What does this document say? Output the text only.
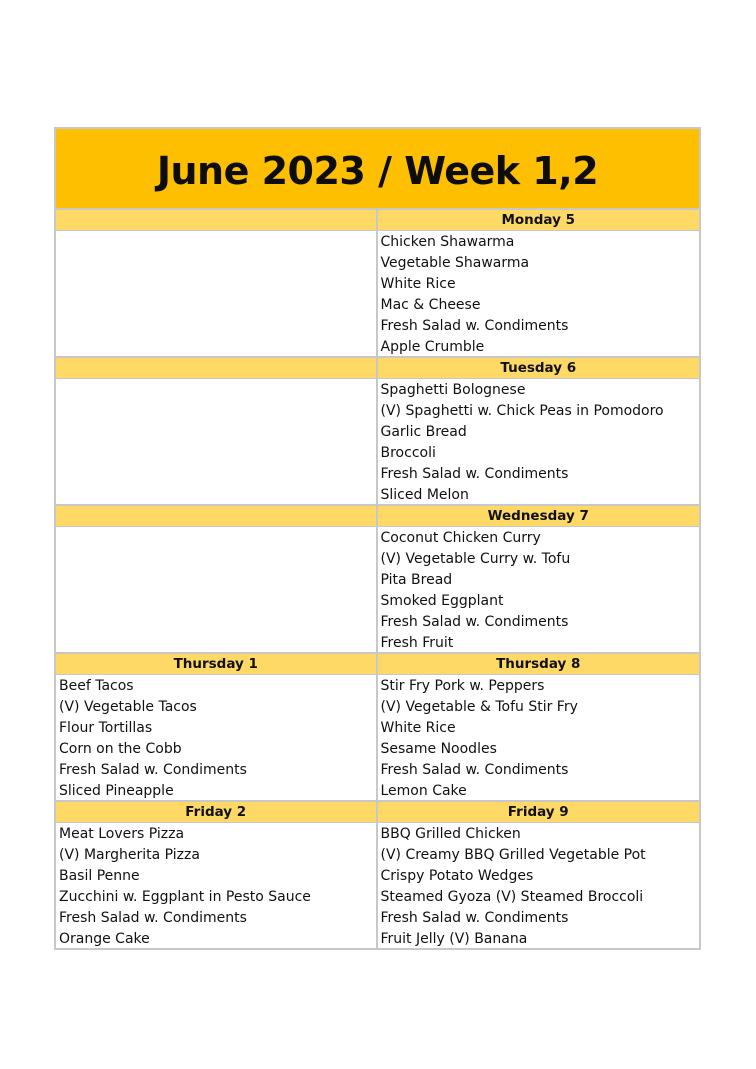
June 2023 / Week 1,2
Monday 5
Chicken Shawarma
Vegetable Shawarma
White Rice
Mac & Cheese
Fresh Salad w. Condiments
Apple Crumble
Tuesday 6
Spaghetti Bolognese
(V) Spaghetti w. Chick Peas in Pomodoro
Garlic Bread
Broccoli
Fresh Salad w. Condiments
Sliced Melon
Wednesday 7
Coconut Chicken Curry
(V) Vegetable Curry w. Tofu
Pita Bread
Smoked Eggplant
Fresh Salad w. Condiments
Fresh Fruit
Thursday 1
Beef Tacos
(V) Vegetable Tacos
Flour Tortillas
Corn on the Cobb
Fresh Salad w. Condiments
Sliced Pineapple
Thursday 8
Stir Fry Pork w. Peppers
(V) Vegetable & Tofu Stir Fry
White Rice
Sesame Noodles
Fresh Salad w. Condiments
Lemon Cake
Friday 2
Meat Lovers Pizza
(V) Margherita Pizza
Basil Penne
Zucchini w. Eggplant in Pesto Sauce
Fresh Salad w. Condiments
Orange Cake
Friday 9
BBQ Grilled Chicken
(V) Creamy BBQ Grilled Vegetable Pot
Crispy Potato Wedges
Steamed Gyoza (V) Steamed Broccoli
Fresh Salad w. Condiments
Fruit Jelly (V) Banana
